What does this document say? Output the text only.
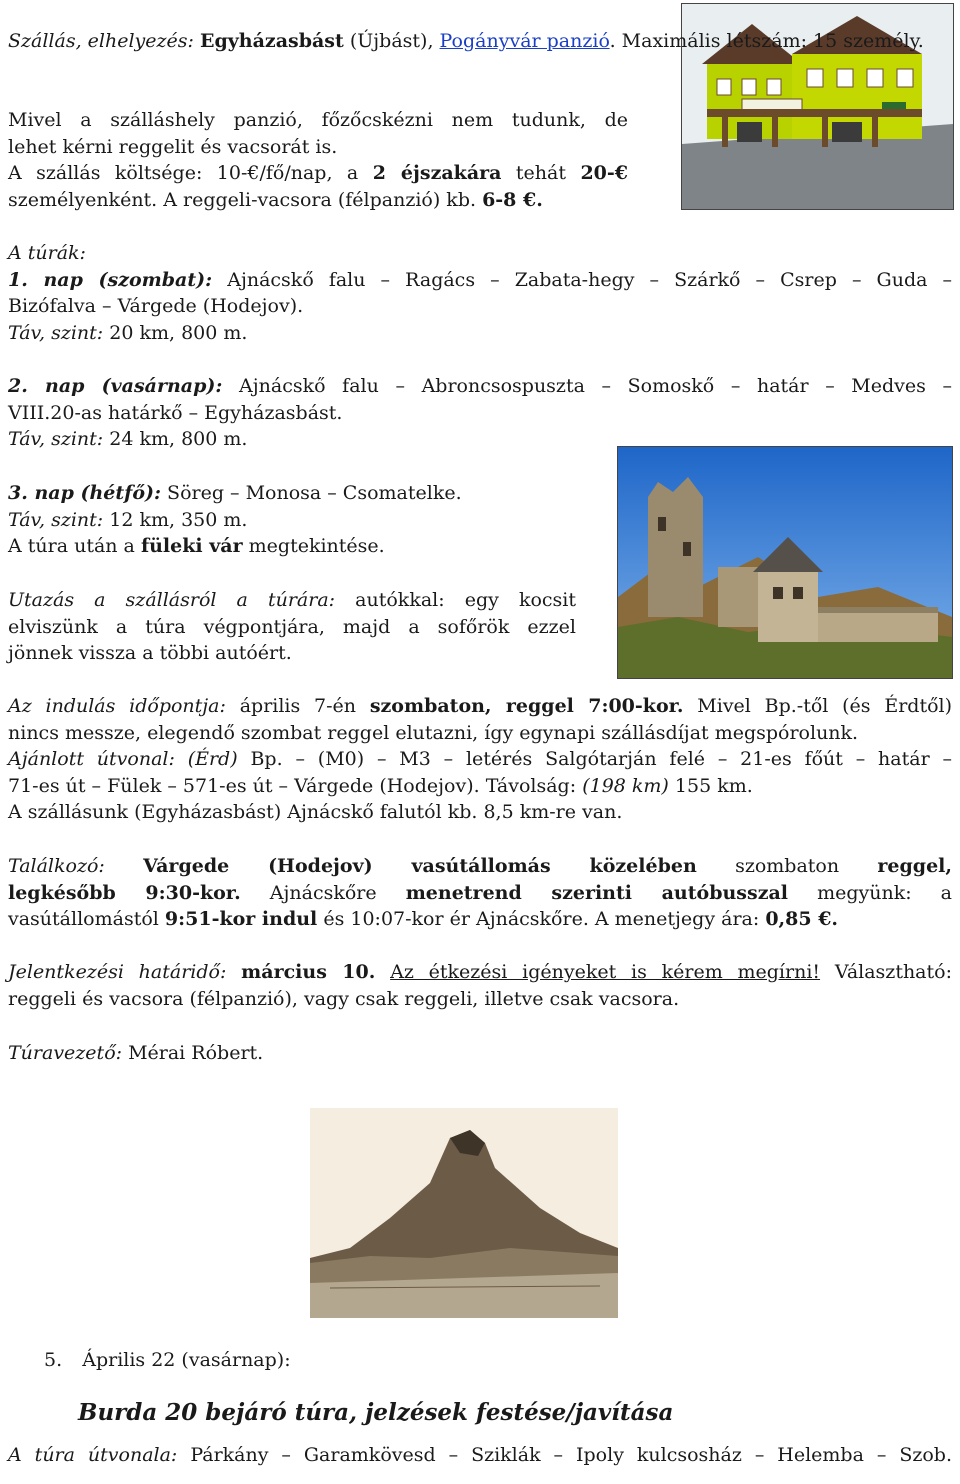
Szállás, elhelyezés: Egyházasbást (Újbást), Pogányvár panzió. Maximális létszám: 15 személy.

Mivel a szálláshely panzió, főzőcskézni nem tudunk, de

lehet kérni reggelit és vacsorát is.

A szállás költsége: 10-€/fő/nap, a 2 éjszakára tehát 20-€

személyenként. A reggeli-vacsora (félpanzió) kb. 6-8 €.

A túrák:

1. nap (szombat): Ajnácskő falu – Ragács – Zabata-hegy – Szárkő – Csrep – Guda –

Bizófalva – Várgede (Hodejov).

Táv, szint: 20 km, 800 m.

2. nap (vasárnap): Ajnácskő falu – Abroncsospuszta – Somoskő – határ – Medves –

VIII.20-as határkő – Egyházasbást.

Táv, szint: 24 km, 800 m.

3. nap (hétfő): Söreg – Monosa – Csomatelke.

Táv, szint: 12 km, 350 m.

A túra után a füleki vár megtekintése.

Utazás a szállásról a túrára: autókkal: egy kocsit

elviszünk a túra végpontjára, majd a sofőrök ezzel

jönnek vissza a többi autóért.

Az indulás időpontja: április 7-én szombaton, reggel 7:00-kor. Mivel Bp.-től (és Érdtől)

nincs messze, elegendő szombat reggel elutazni, így egynapi szállásdíjat megspórolunk.

Ajánlott útvonal: (Érd) Bp. – (M0) – M3 – letérés Salgótarján felé – 21-es főút – határ –

71-es út – Fülek – 571-es út – Várgede (Hodejov). Távolság: (198 km) 155 km.

A szállásunk (Egyházasbást) Ajnácskő falutól kb. 8,5 km-re van.

Találkozó: Várgede (Hodejov) vasútállomás közelében szombaton reggel,

legkésőbb 9:30-kor. Ajnácskőre menetrend szerinti autóbusszal megyünk: a

vasútállomástól 9:51-kor indul és 10:07-kor ér Ajnácskőre. A menetjegy ára: 0,85 €.

Jelentkezési határidő: március 10. Az étkezési igényeket is kérem megírni! Választható:

reggeli és vacsora (félpanzió), vagy csak reggeli, illetve csak vacsora.

Túravezető: Mérai Róbert.

5. Április 22 (vasárnap):

Burda 20 bejáró túra, jelzések festése/javítása

A túra útvonala: Párkány – Garamkövesd – Sziklák – Ipoly kulcsosház – Helemba – Szob.
